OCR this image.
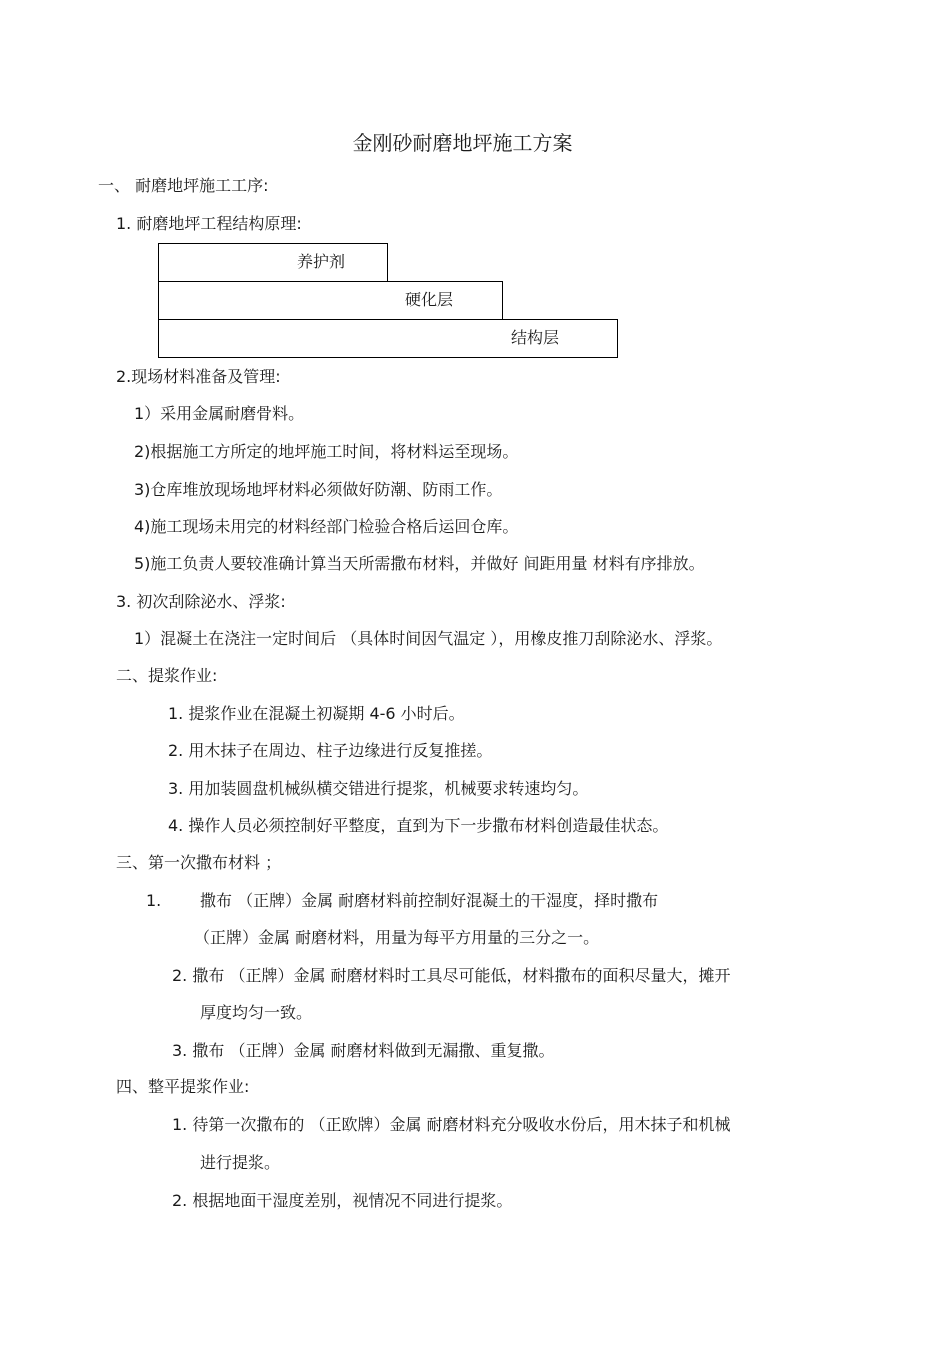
金刚砂耐磨地坪施工方案

一、 耐磨地坪施工工序:

1. 耐磨地坪工程结构原理:

养护剂
硬化层
结构层

2.现场材料准备及管理:

1）采用金属耐磨骨料。

2)根据施工方所定的地坪施工时间，将材料运至现场。

3)仓库堆放现场地坪材料必须做好防潮、防雨工作。

4)施工现场未用完的材料经部门检验合格后运回仓库。

5)施工负责人要较准确计算当天所需撒布材料，并做好 间距用量 材料有序排放。

3. 初次刮除泌水、浮浆:

1）混凝土在浇注一定时间后 （具体时间因气温定 ），用橡皮推刀刮除泌水、浮浆。

二、提浆作业:

1. 提浆作业在混凝土初凝期 4-6 小时后。

2. 用木抹子在周边、柱子边缘进行反复推搓。

3. 用加装圆盘机械纵横交错进行提浆，机械要求转速均匀。

4. 操作人员必须控制好平整度，直到为下一步撒布材料创造最佳状态。

三、第一次撒布材料 ；

1. 撒布 （正牌）金属 耐磨材料前控制好混凝土的干湿度，择时撒布

（正牌）金属 耐磨材料，用量为每平方用量的三分之一。

2. 撒布 （正牌）金属 耐磨材料时工具尽可能低，材料撒布的面积尽量大，摊开

厚度均匀一致。

3. 撒布 （正牌）金属 耐磨材料做到无漏撒、重复撒。

四、整平提浆作业:

1. 待第一次撒布的 （正欧牌）金属 耐磨材料充分吸收水份后，用木抹子和机械

进行提浆。

2. 根据地面干湿度差别，视情况不同进行提浆。
